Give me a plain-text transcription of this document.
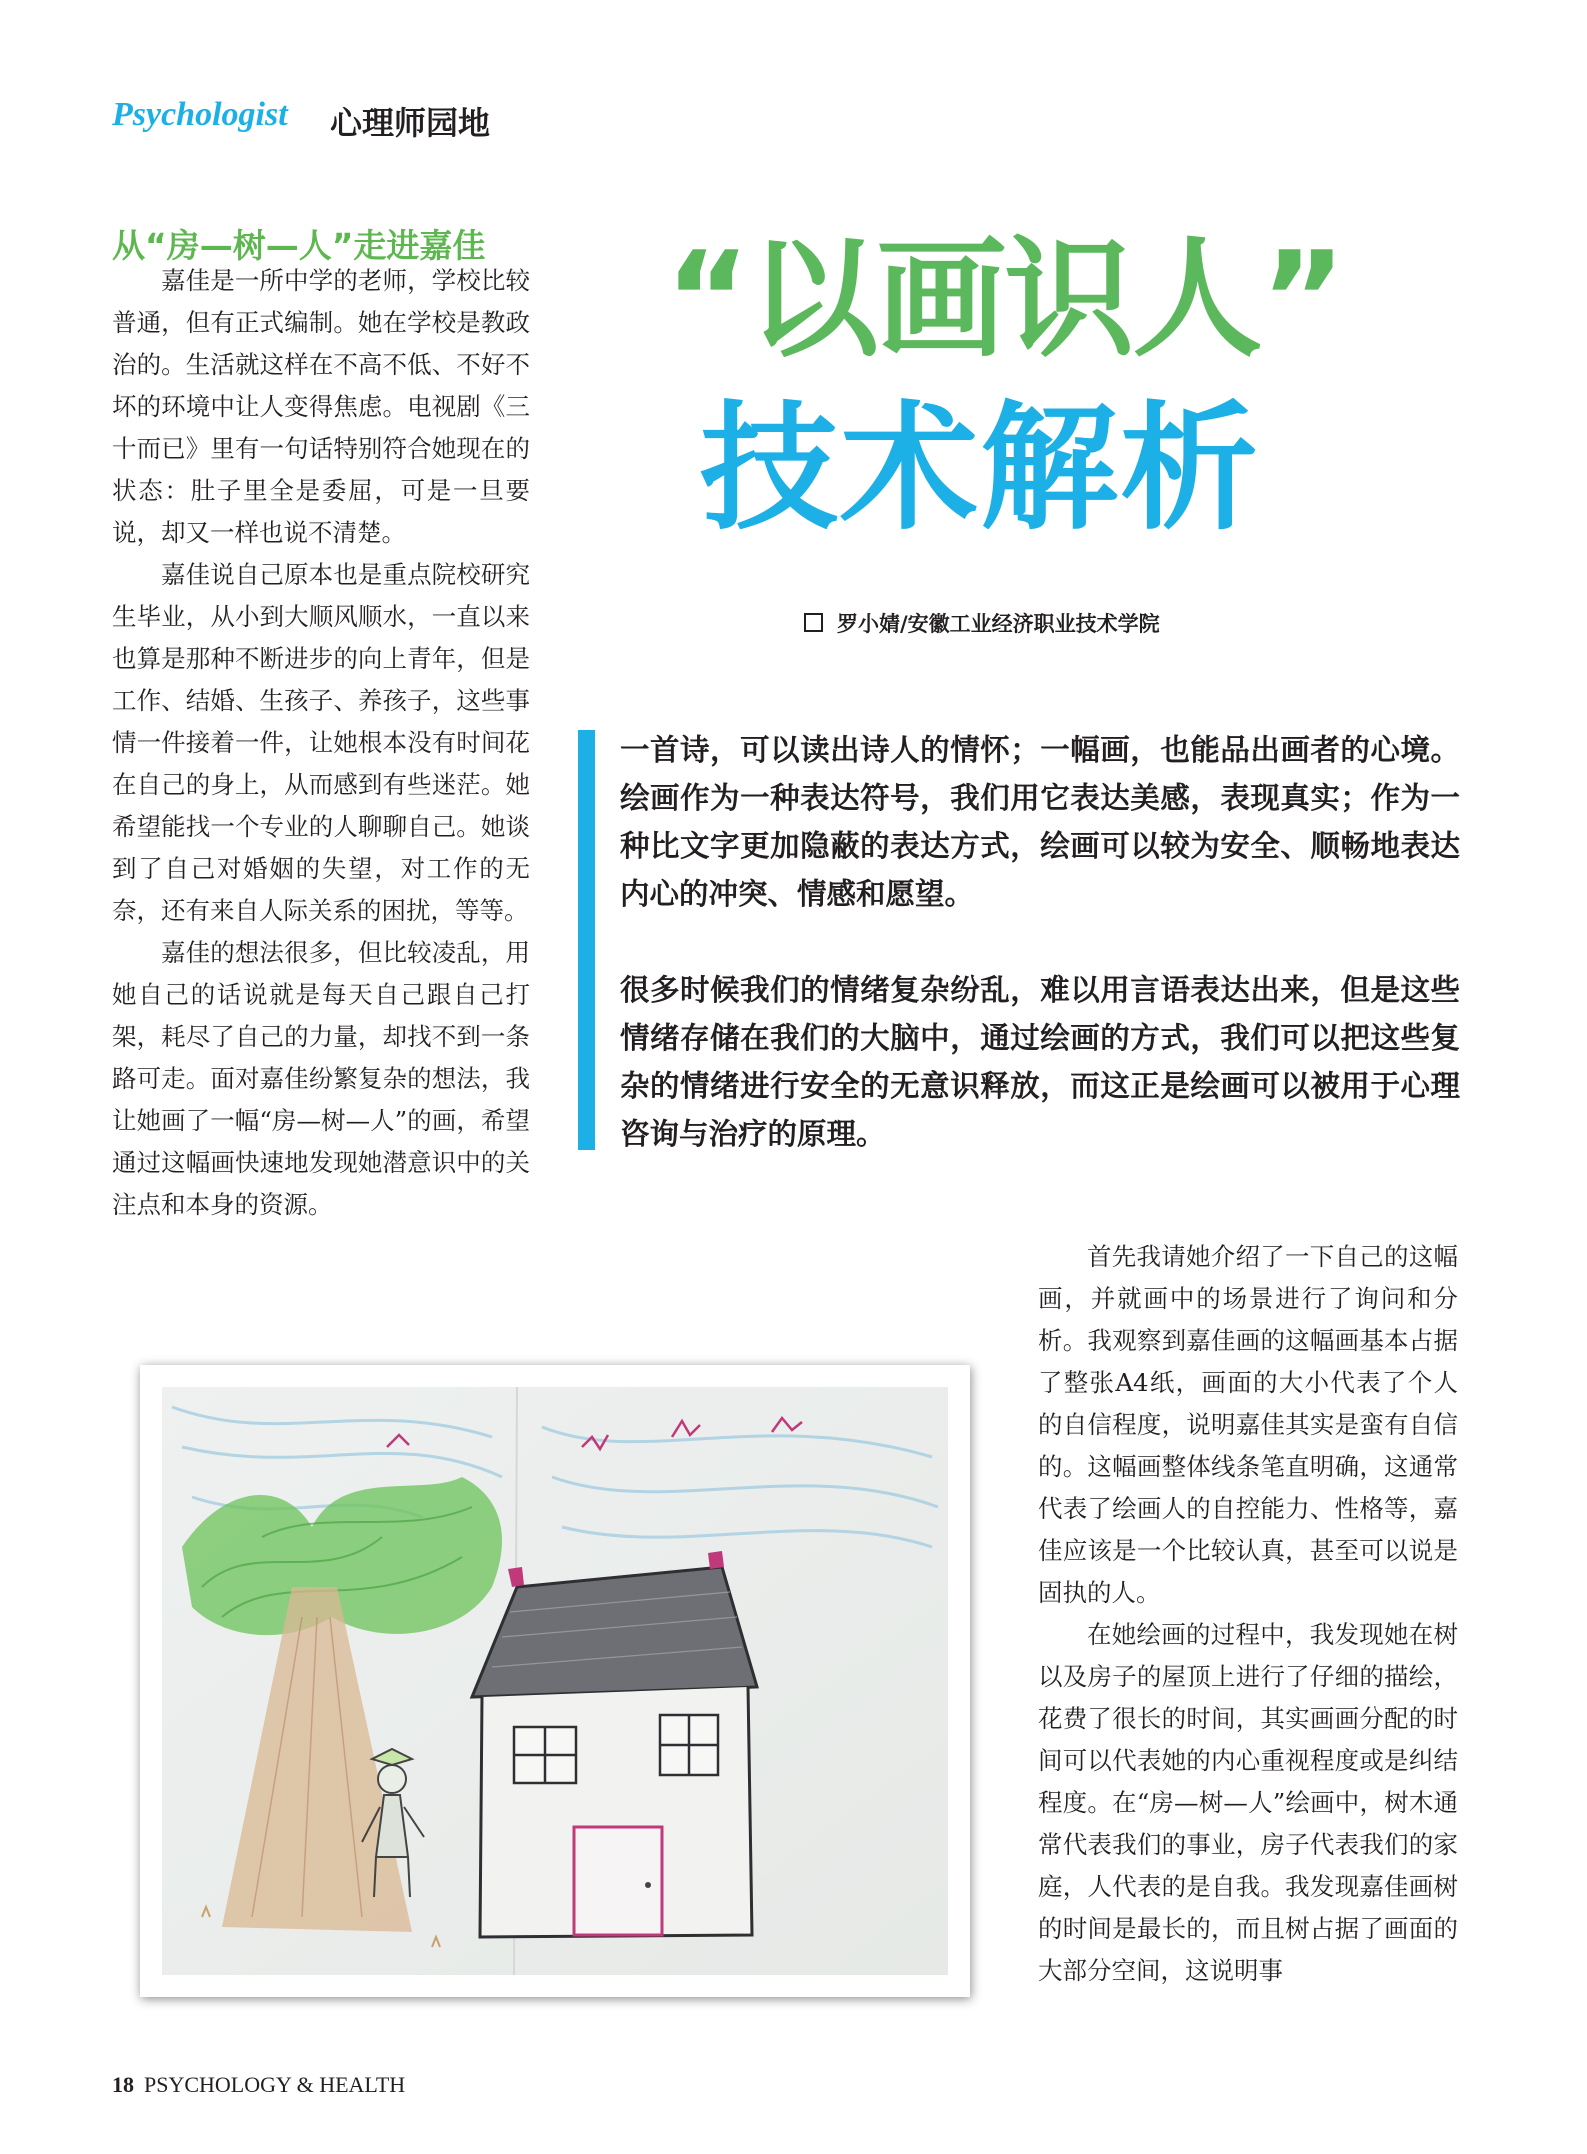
Psychologist 心理师园地
从“房—树—人”走进嘉佳

嘉佳是一所中学的老师，学校比较普通，但有正式编制。她在学校是教政治的。生活就这样在不高不低、不好不坏的环境中让人变得焦虑。电视剧《三十而已》里有一句话特别符合她现在的状态：肚子里全是委屈，可是一旦要说，却又一样也说不清楚。

嘉佳说自己原本也是重点院校研究生毕业，从小到大顺风顺水，一直以来也算是那种不断进步的向上青年，但是工作、结婚、生孩子、养孩子，这些事情一件接着一件，让她根本没有时间花在自己的身上，从而感到有些迷茫。她希望能找一个专业的人聊聊自己。她谈到了自己对婚姻的失望，对工作的无奈，还有来自人际关系的困扰，等等。

嘉佳的想法很多，但比较凌乱，用她自己的话说就是每天自己跟自己打架，耗尽了自己的力量，却找不到一条路可走。面对嘉佳纷繁复杂的想法，我让她画了一幅“房—树—人”的画，希望通过这幅画快速地发现她潜意识中的关注点和本身的资源。

“以画识人”
技术解析
罗小婧/安徽工业经济职业技术学院

一首诗，可以读出诗人的情怀；一幅画，也能品出画者的心境。绘画作为一种表达符号，我们用它表达美感，表现真实；作为一种比文字更加隐蔽的表达方式，绘画可以较为安全、顺畅地表达内心的冲突、情感和愿望。

很多时候我们的情绪复杂纷乱，难以用言语表达出来，但是这些情绪存储在我们的大脑中，通过绘画的方式，我们可以把这些复杂的情绪进行安全的无意识释放，而这正是绘画可以被用于心理咨询与治疗的原理。

首先我请她介绍了一下自己的这幅画，并就画中的场景进行了询问和分析。我观察到嘉佳画的这幅画基本占据了整张A4纸，画面的大小代表了个人的自信程度，说明嘉佳其实是蛮有自信的。这幅画整体线条笔直明确，这通常代表了绘画人的自控能力、性格等，嘉佳应该是一个比较认真，甚至可以说是固执的人。

在她绘画的过程中，我发现她在树以及房子的屋顶上进行了仔细的描绘，花费了很长的时间，其实画画分配的时间可以代表她的内心重视程度或是纠结程度。在“房—树—人”绘画中，树木通常代表我们的事业，房子代表我们的家庭，人代表的是自我。我发现嘉佳画树的时间是最长的，而且树占据了画面的大部分空间，这说明事

18 PSYCHOLOGY & HEALTH
